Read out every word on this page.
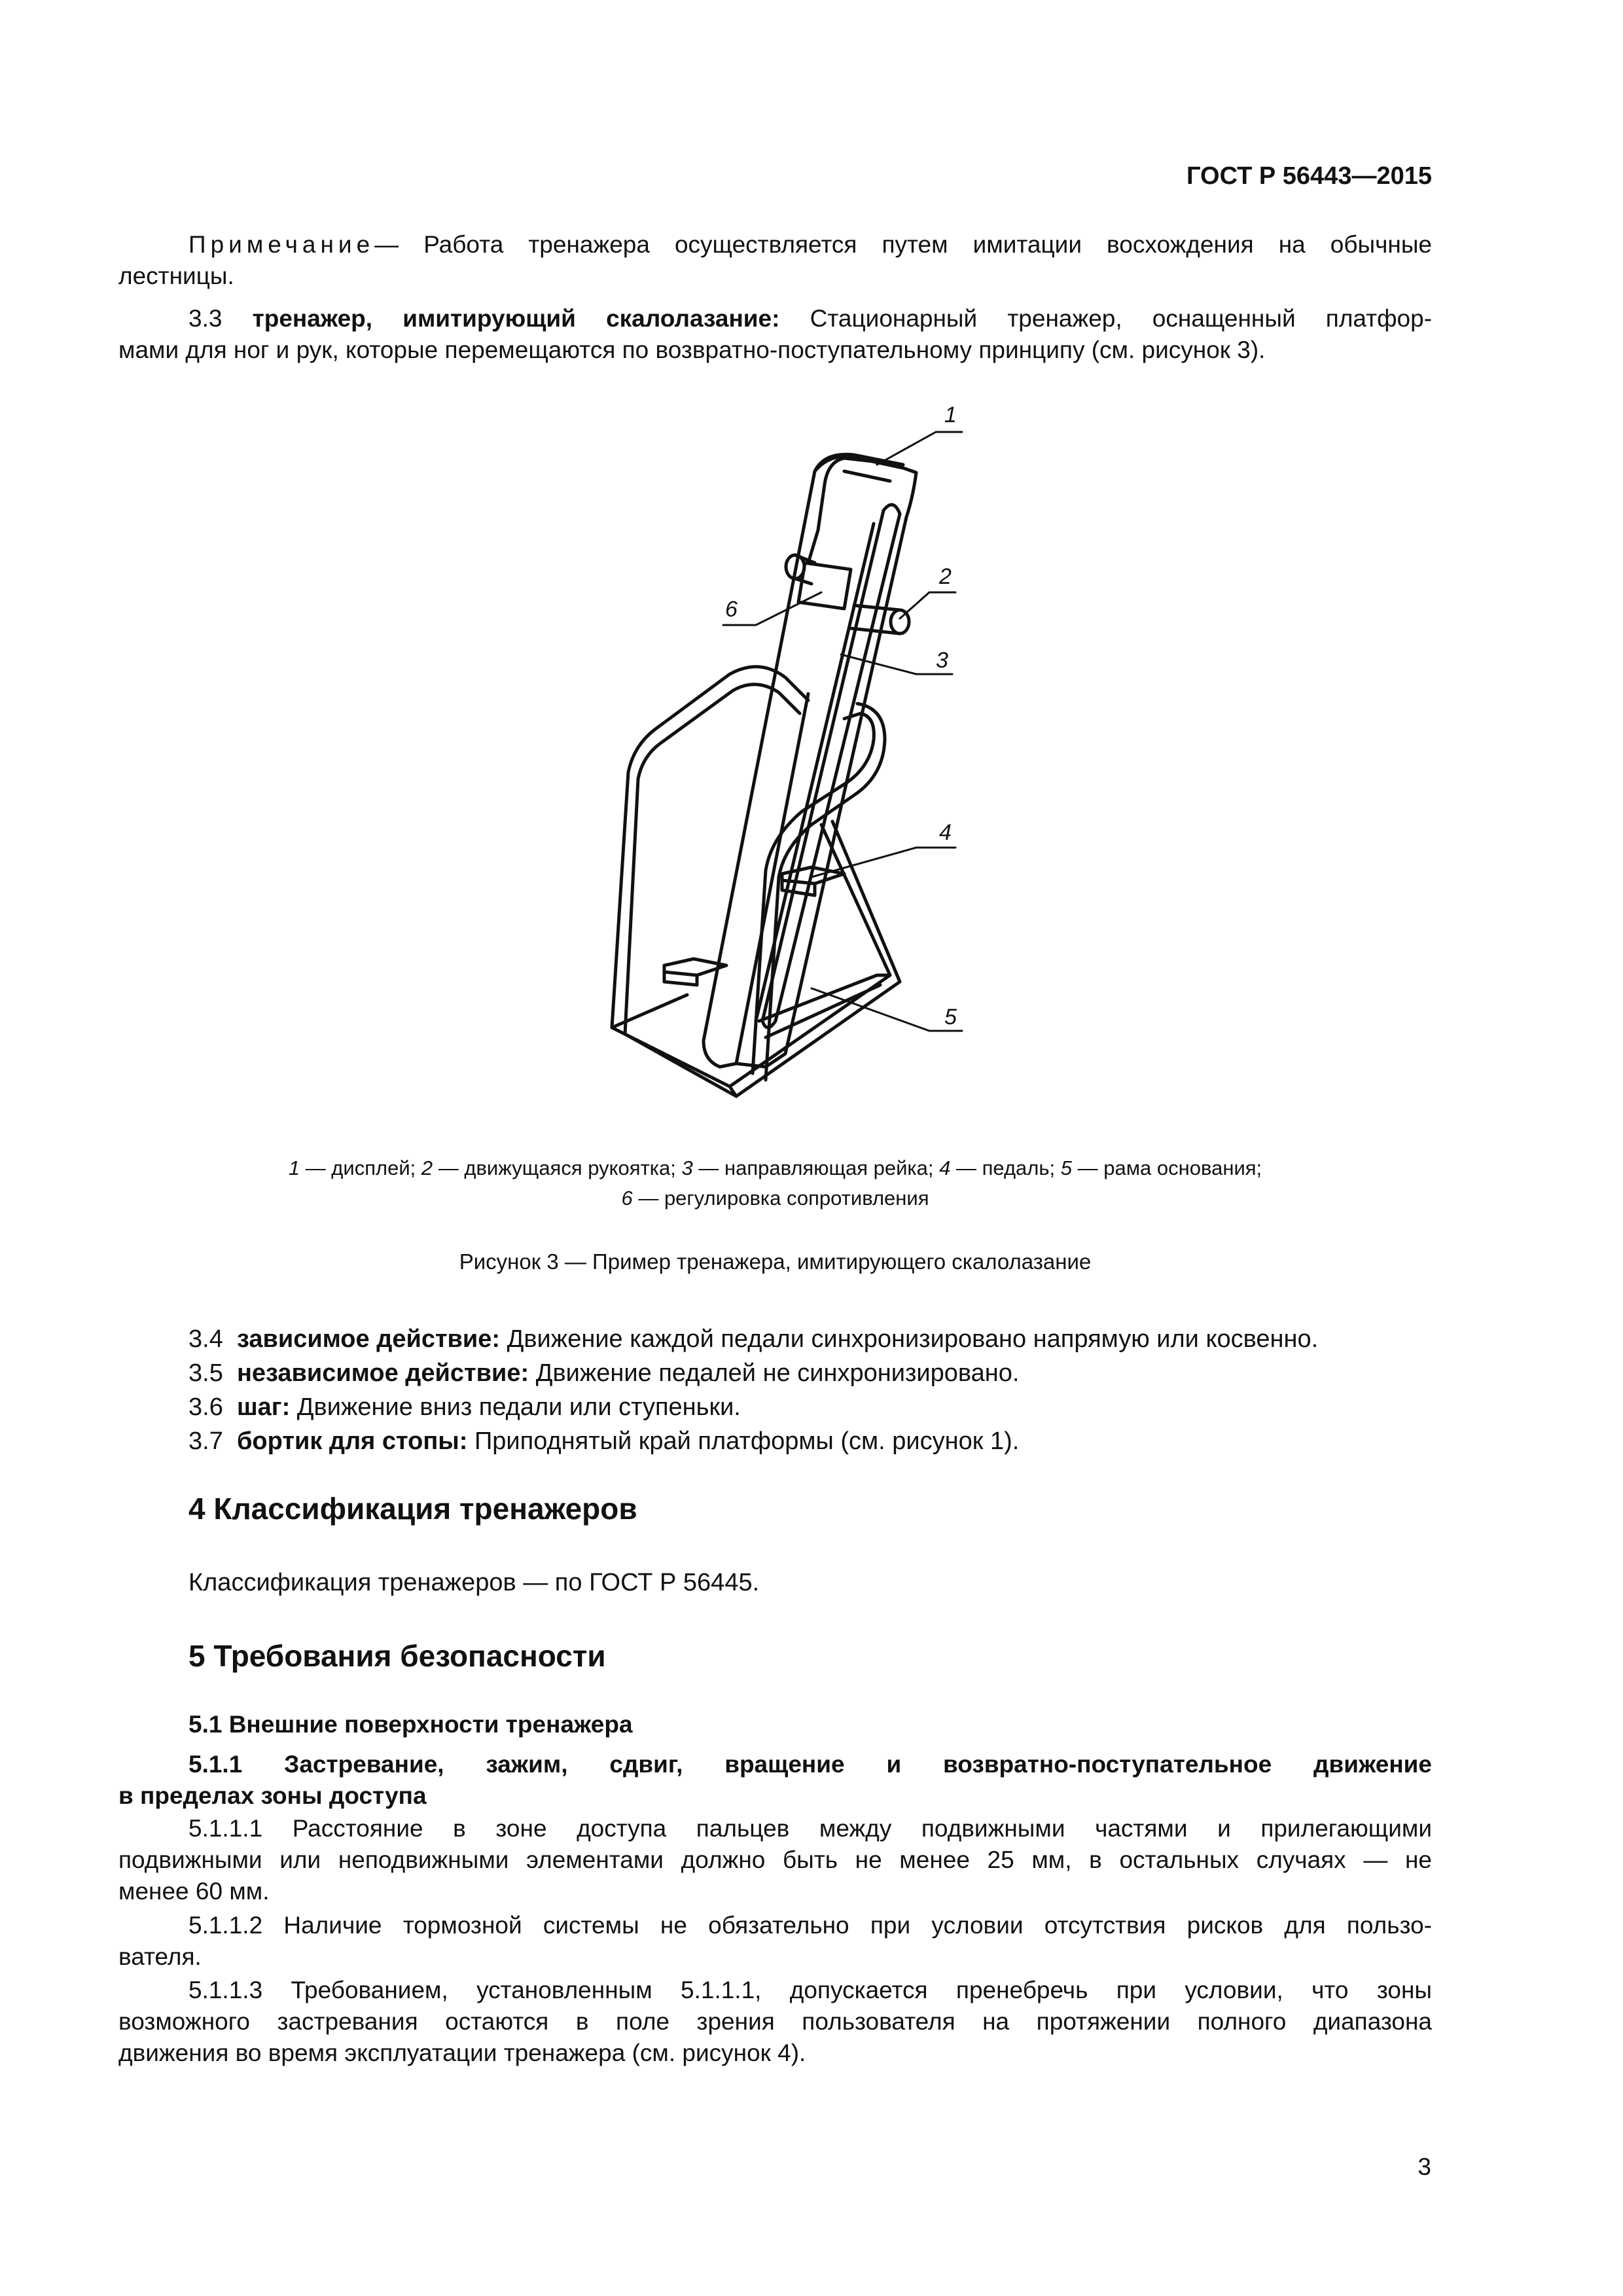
ГОСТ Р 56443—2015

Примечание— Работа тренажера осуществляется путем имитации восхождения на обычные

лестницы.

3.3 тренажер, имитирующий скалолазание: Стационарный тренажер, оснащенный платфор-

мами для ног и рук, которые перемещаются по возвратно-поступательному принципу (см. рисунок 3).

1
2
3
4
5
6

1 — дисплей; 2 — движущаяся рукоятка; 3 — направляющая рейка; 4 — педаль; 5 — рама основания;

6 — регулировка сопротивления

Рисунок 3 — Пример тренажера, имитирующего скалолазание

3.4 зависимое действие: Движение каждой педали синхронизировано напрямую или косвенно.

3.5 независимое действие: Движение педалей не синхронизировано.

3.6 шаг: Движение вниз педали или ступеньки.

3.7 бортик для стопы: Приподнятый край платформы (см. рисунок 1).

4 Классификация тренажеров
Классификация тренажеров — по ГОСТ Р 56445.
5 Требования безопасности
5.1 Внешние поверхности тренажера

5.1.1 Застревание, зажим, сдвиг, вращение и возвратно-поступательное движение

в пределах зоны доступа

5.1.1.1 Расстояние в зоне доступа пальцев между подвижными частями и прилегающими

подвижными или неподвижными элементами должно быть не менее 25 мм, в остальных случаях — не

менее 60 мм.

5.1.1.2 Наличие тормозной системы не обязательно при условии отсутствия рисков для пользо-

вателя.

5.1.1.3 Требованием, установленным 5.1.1.1, допускается пренебречь при условии, что зоны

возможного застревания остаются в поле зрения пользователя на протяжении полного диапазона

движения во время эксплуатации тренажера (см. рисунок 4).

3
